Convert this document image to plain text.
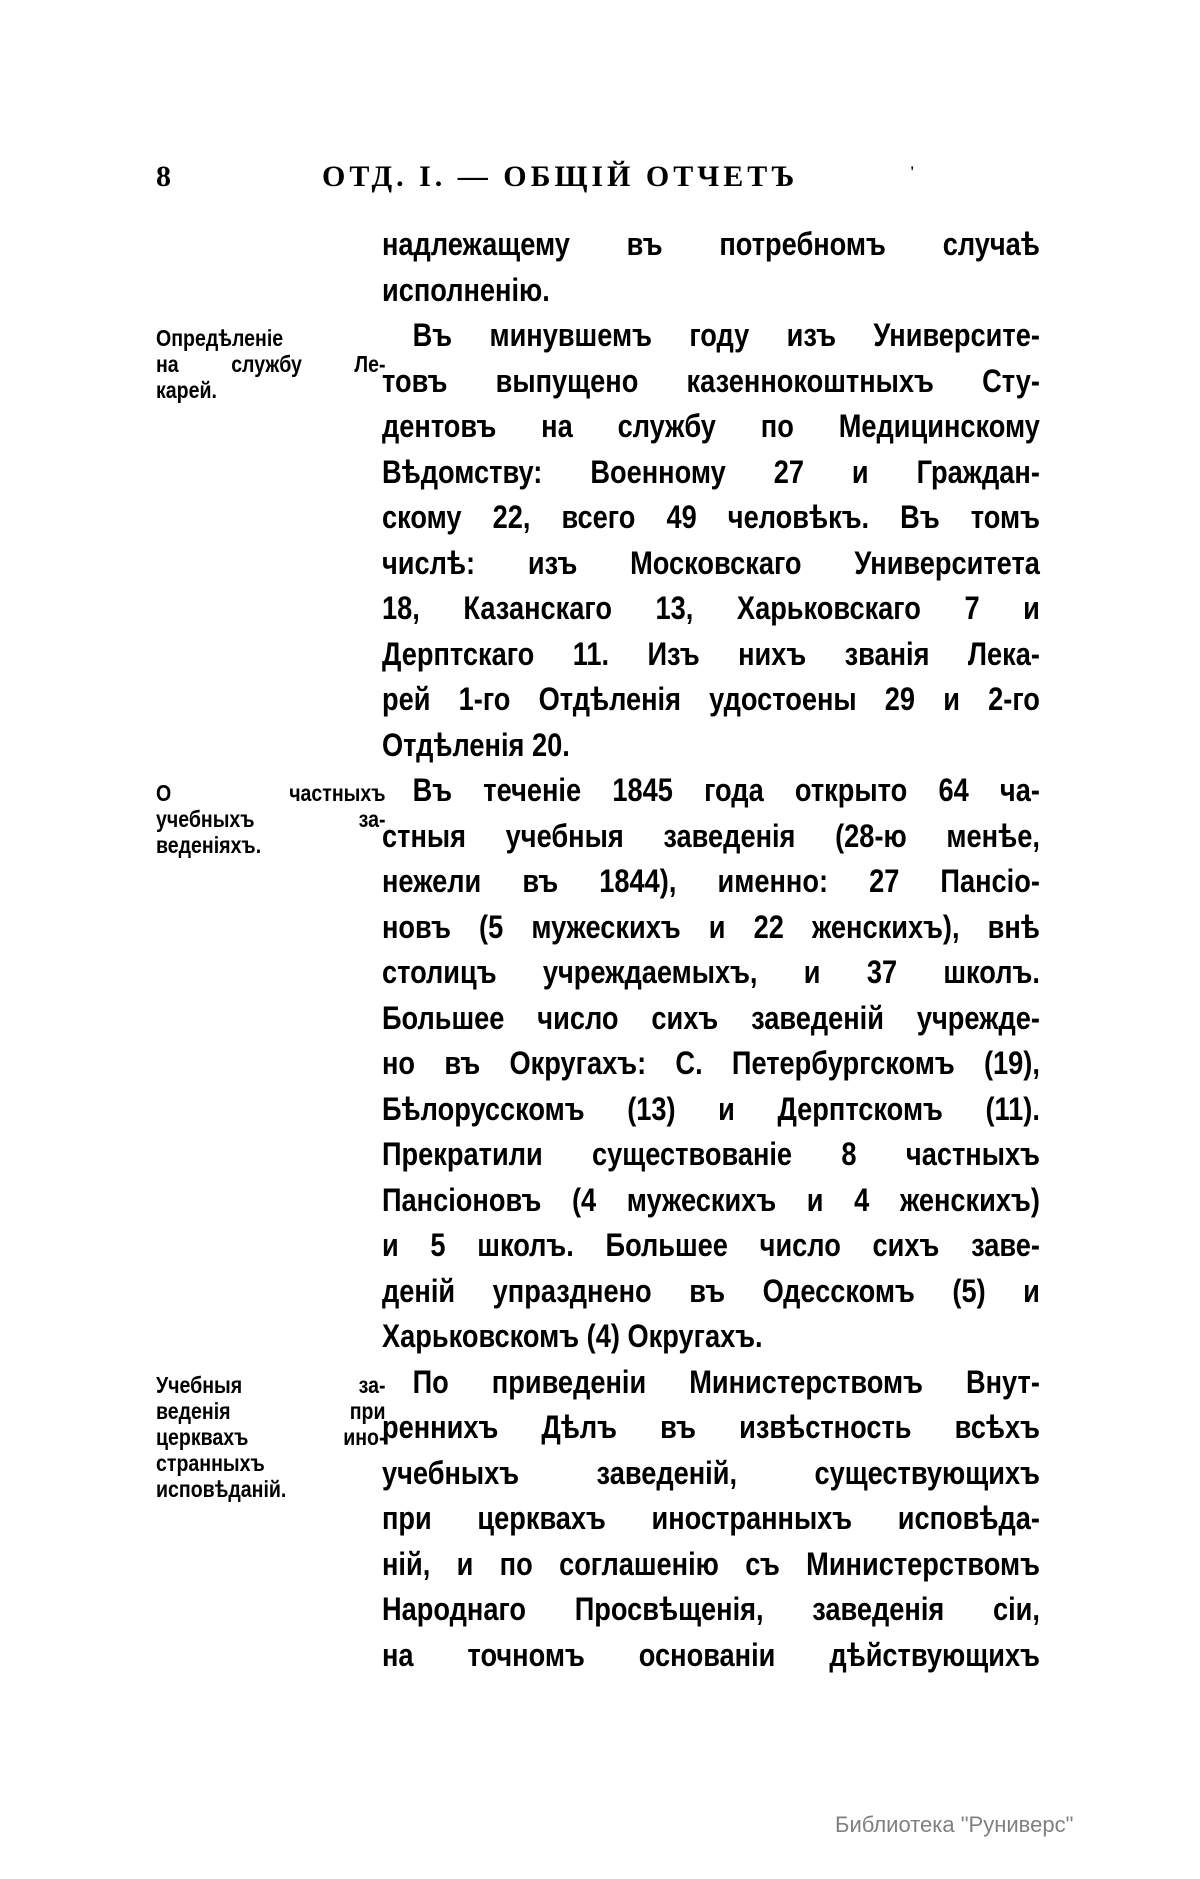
8	ОТД. I. — ОБЩІЙ ОТЧЕТЪ	'
надлежащему въ потребномъ случаѣ
исполненію.
Въ минувшемъ году изъ Университе-
товъ выпущено казеннокоштныхъ Сту-
дентовъ на службу по Медицинскому
Вѣдомству: Военному 27 и Граждан-
скому 22, всего 49 человѣкъ. Въ томъ
числѣ: изъ Московскаго Университета
18, Казанскаго 13, Харьковскаго 7 и
Дерптскаго 11. Изъ нихъ званія Лека-
рей 1-го Отдѣленія удостоены 29 и 2-го
Отдѣленія 20.
Въ теченіе 1845 года открыто 64 ча-
стныя учебныя заведенія (28-ю менѣе,
нежели въ 1844), именно: 27 Пансіо-
новъ (5 мужескихъ и 22 женскихъ), внѣ
столицъ учреждаемыхъ, и 37 школъ.
Большее число сихъ заведеній учрежде-
но въ Округахъ: С. Петербургскомъ (19),
Бѣлорусскомъ (13) и Дерптскомъ (11).
Прекратили существованіе 8 частныхъ
Пансіоновъ (4 мужескихъ и 4 женскихъ)
и 5 школъ. Большее число сихъ заве-
деній упразднено въ Одесскомъ (5) и
Харьковскомъ (4) Округахъ.
По приведеніи Министерствомъ Внут-
реннихъ Дѣлъ въ извѣстность всѣхъ
учебныхъ заведеній, существующихъ
при церквахъ иностранныхъ исповѣда-
ній, и по соглашенію съ Министерствомъ
Народнаго Просвѣщенія, заведенія сіи,
на точномъ основаніи дѣйствующихъ
Опредѣленіе
на службу Ле-
карей.
О частныхъ
учебныхъ за-
веденіяхъ.
Учебныя за-
веденія при
церквахъ ино-
странныхъ
исповѣданій.
Библиотека "Руниверс"
